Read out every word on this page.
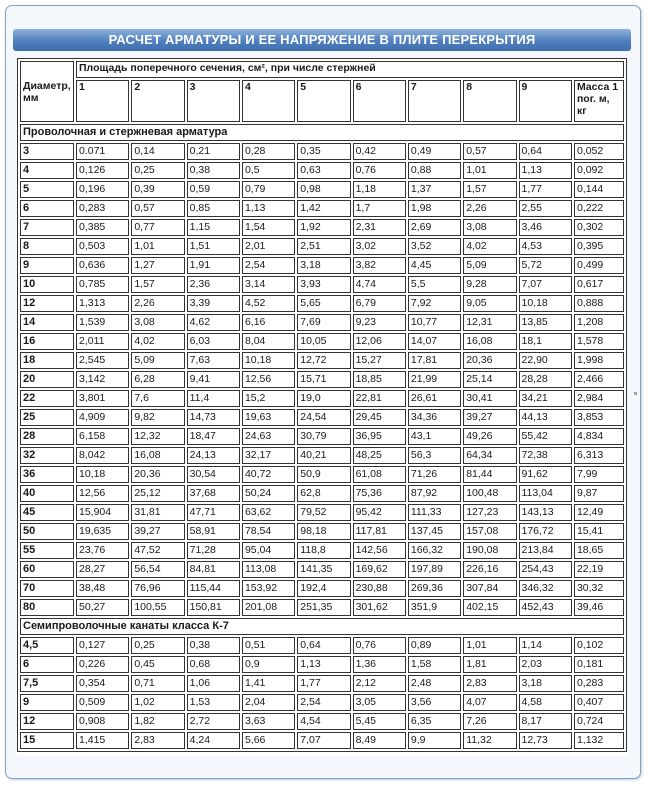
РАСЧЕТ АРМАТУРЫ И ЕЕ НАПРЯЖЕНИЕ В ПЛИТЕ ПЕРЕКРЫТИЯ
Диаметр, мм	Площадь поперечного сечения, см², при числе стержней									
	1	2	3	4	5	6	7	8	9	Масса 1 пог. м, кг
Проволочная и стержневая арматура										
3	0.071	0,14	0,21	0,28	0,35	0,42	0,49	0,57	0,64	0,052
4	0,126	0,25	0,38	0,5	0,63	0,76	0,88	1,01	1,13	0,092
5	0,196	0,39	0,59	0,79	0,98	1,18	1,37	1,57	1,77	0,144
6	0,283	0,57	0,85	1,13	1,42	1,7	1,98	2,26	2,55	0,222
7	0,385	0,77	1,15	1,54	1,92	2,31	2,69	3,08	3,46	0,302
8	0,503	1,01	1,51	2,01	2,51	3,02	3,52	4,02	4,53	0,395
9	0,636	1,27	1,91	2,54	3,18	3,82	4,45	5,09	5,72	0,499
10	0,785	1,57	2,36	3,14	3,93	4,74	5,5	9,28	7,07	0,617
12	1,313	2,26	3,39	4,52	5,65	6,79	7,92	9,05	10,18	0,888
14	1,539	3,08	4,62	6,16	7,69	9,23	10,77	12,31	13,85	1,208
16	2,011	4,02	6,03	8,04	10,05	12,06	14,07	16,08	18,1	1,578
18	2,545	5,09	7,63	10,18	12,72	15,27	17,81	20,36	22,90	1,998
20	3,142	6,28	9,41	12,56	15,71	18,85	21,99	25,14	28,28	2,466
22	3,801	7,6	11,4	15,2	19,0	22,81	26,61	30,41	34,21	2,984
25	4,909	9,82	14,73	19,63	24,54	29,45	34,36	39,27	44,13	3,853
28	6,158	12,32	18,47	24,63	30,79	36,95	43,1	49,26	55,42	4,834
32	8,042	16,08	24,13	32,17	40,21	48,25	56,3	64,34	72,38	6,313
36	10,18	20,36	30,54	40,72	50,9	61,08	71,26	81,44	91,62	7,99
40	12,56	25,12	37,68	50,24	62,8	75,36	87,92	100,48	113,04	9,87
45	15,904	31,81	47,71	63,62	79,52	95,42	111,33	127,23	143,13	12,49
50	19,635	39,27	58,91	78,54	98,18	117,81	137,45	157,08	176,72	15,41
55	23,76	47,52	71,28	95,04	118,8	142,56	166,32	190,08	213,84	18,65
60	28,27	56,54	84,81	113,08	141,35	169,62	197,89	226,16	254,43	22,19
70	38,48	76,96	115,44	153,92	192,4	230,88	269,36	307,84	346,32	30,32
80	50,27	100,55	150,81	201,08	251,35	301,62	351,9	402,15	452,43	39,46
Семипроволочные канаты класса К-7										
4,5	0,127	0,25	0,38	0,51	0,64	0,76	0,89	1,01	1,14	0,102
6	0,226	0,45	0,68	0,9	1,13	1,36	1,58	1,81	2,03	0,181
7,5	0,354	0,71	1,06	1,41	1,77	2,12	2,48	2,83	3,18	0,283
9	0,509	1,02	1,53	2,04	2,54	3,05	3,56	4,07	4,58	0,407
12	0,908	1,82	2,72	3,63	4,54	5,45	6,35	7,26	8,17	0,724
15	1,415	2,83	4,24	5,66	7,07	8,49	9,9	11,32	12,73	1,132
